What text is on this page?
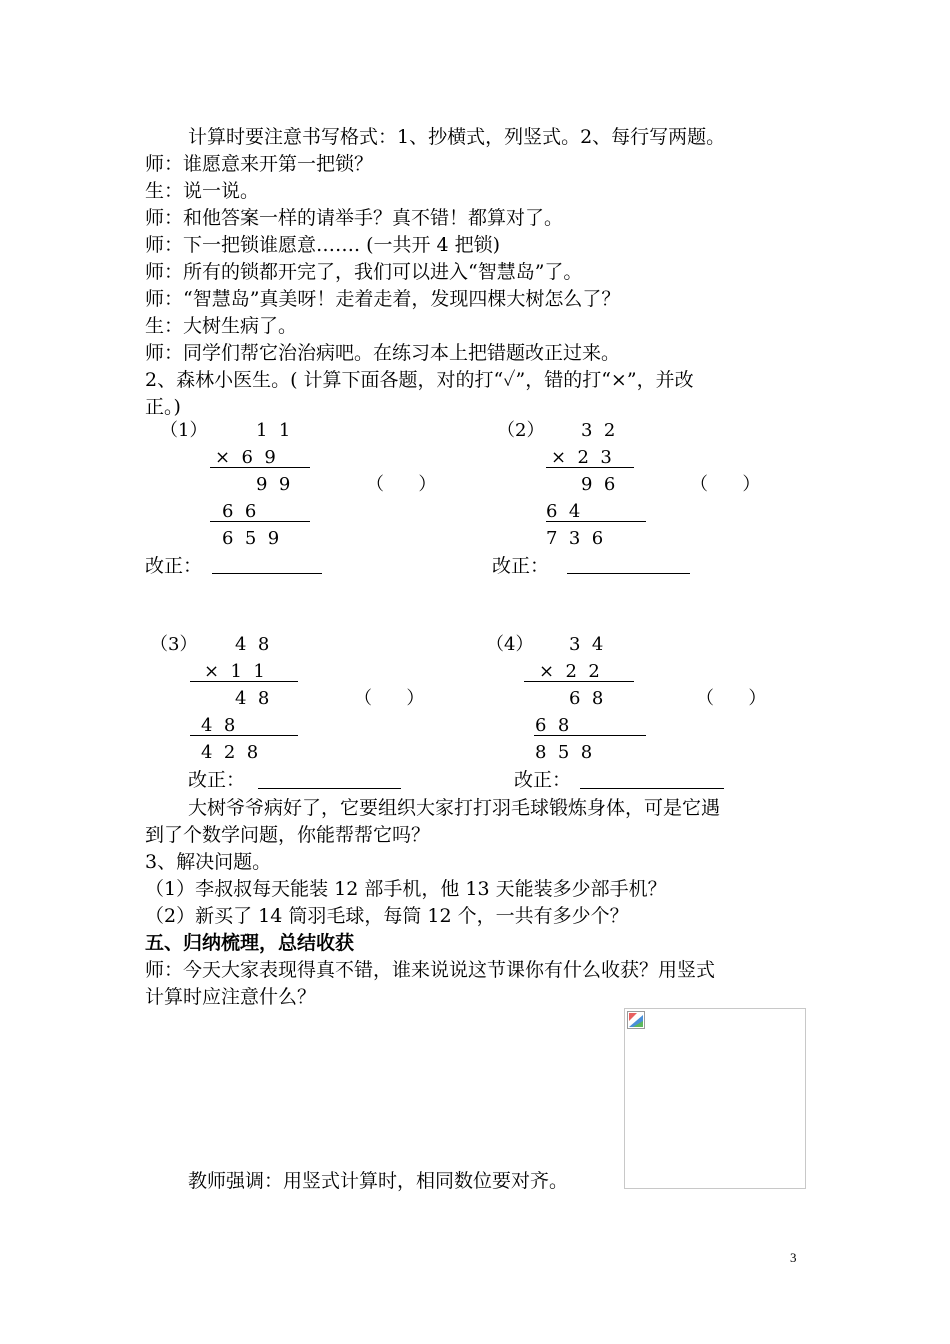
计算时要注意书写格式：1、抄横式，列竖式。2、每行写两题。
师：谁愿意来开第一把锁？
生：说一说。
师：和他答案一样的请举手？真不错！都算对了。
师：下一把锁谁愿意……. (一共开 4 把锁)
师：所有的锁都开完了，我们可以进入“智慧岛”了。
师：“智慧岛”真美呀！走着走着，发现四棵大树怎么了？
生：大树生病了。
师：同学们帮它治治病吧。在练习本上把错题改正过来。
2、森林小医生。( 计算下面各题，对的打“✓”，错的打“×”，并改
正。)
（1）	1  1
×  6  9
9  9	（      ）
6  6
6  5  9
改正：
（2） 3  2
×  2  3
9  6	（      ）
6  4
7  3  6
改正：
（3） 4  8
×  1  1
4  8	（      ）
4  8
4  2  8
改正：
（4） 3  4
×  2  2
6  8	（      ）
6  8
8  5  8
改正：
大树爷爷病好了，它要组织大家打打羽毛球锻炼身体，可是它遇
到了个数学问题，你能帮帮它吗？
3、解决问题。
（1）李叔叔每天能装 12 部手机，他 13 天能装多少部手机？
（2）新买了 14 筒羽毛球，每筒 12 个，一共有多少个？
五、归纳梳理，总结收获
师：今天大家表现得真不错，谁来说说这节课你有什么收获？用竖式
计算时应注意什么？
教师强调：用竖式计算时，相同数位要对齐。
3
